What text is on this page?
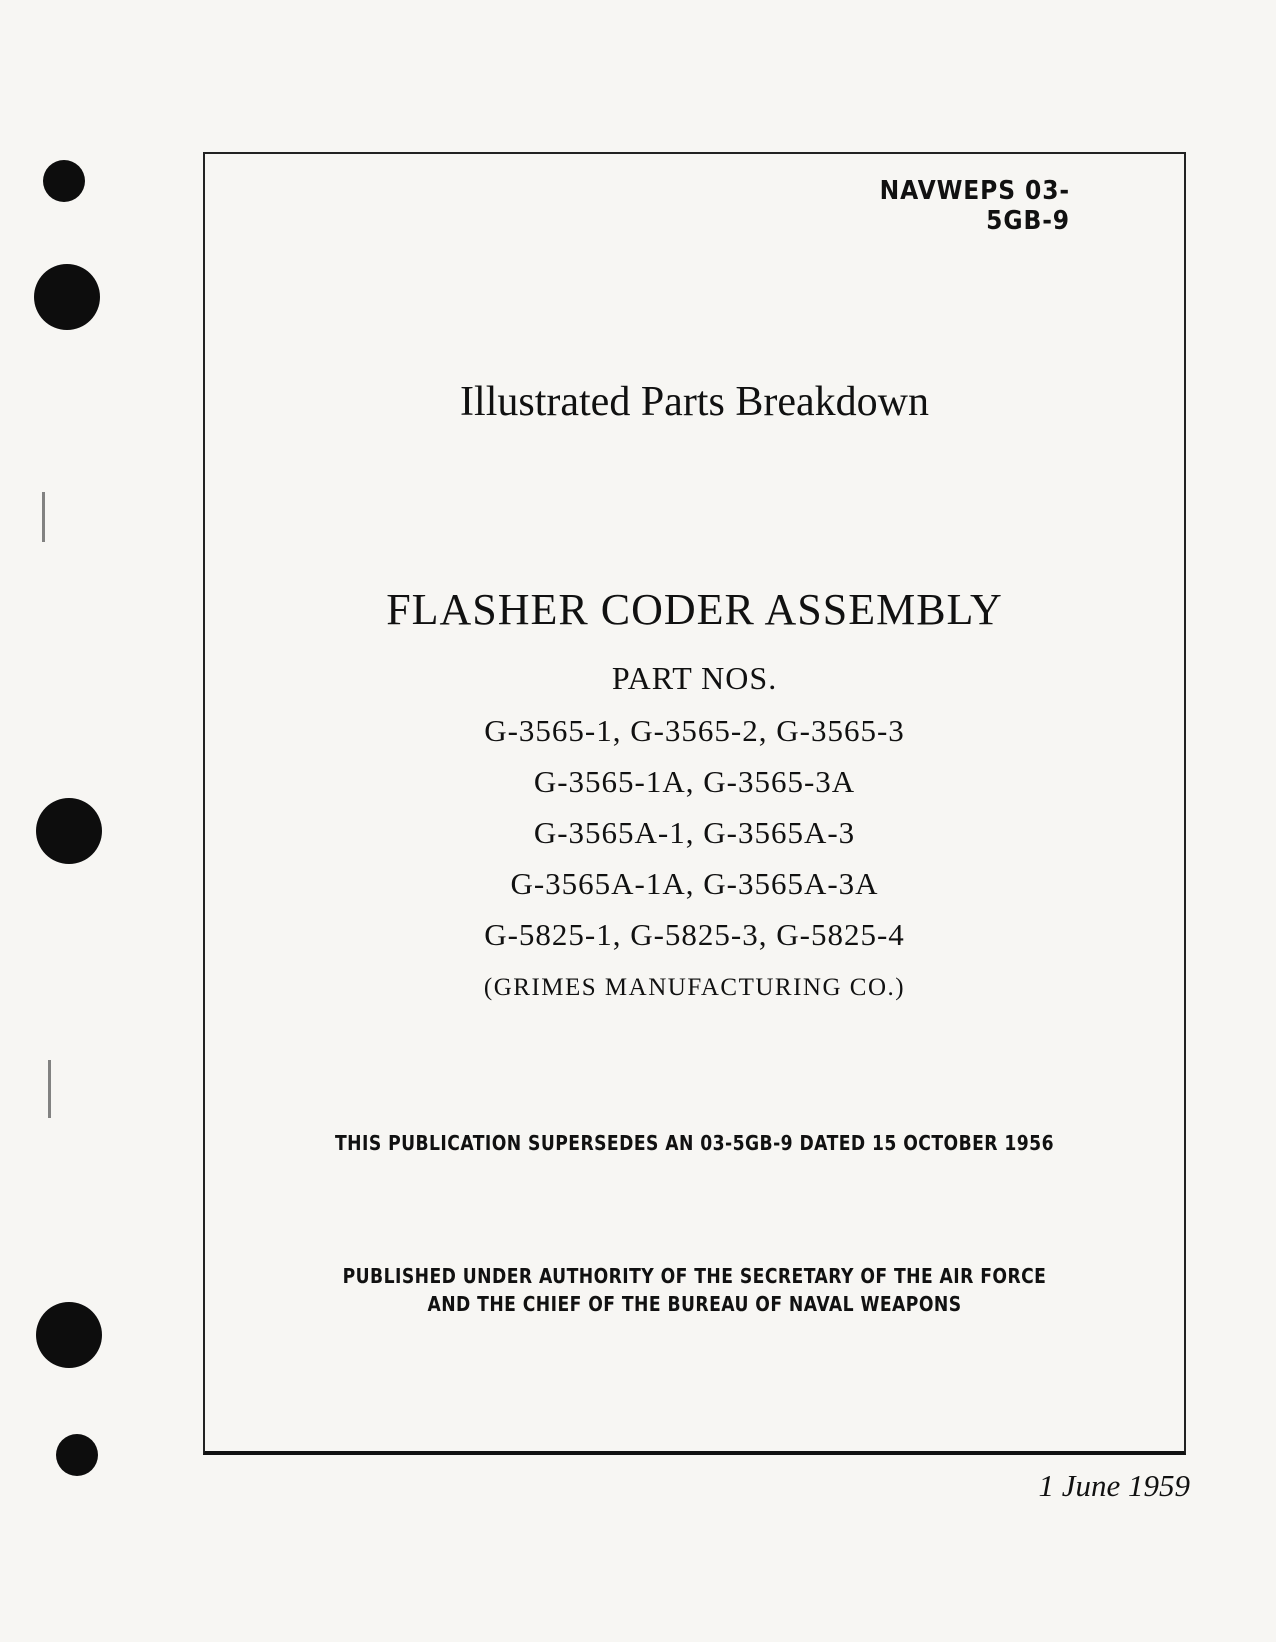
NAVWEPS 03-5GB-9
Illustrated Parts Breakdown
FLASHER CODER ASSEMBLY
PART NOS.
G-3565-1, G-3565-2, G-3565-3
G-3565-1A, G-3565-3A
G-3565A-1, G-3565A-3
G-3565A-1A, G-3565A-3A
G-5825-1, G-5825-3, G-5825-4
(GRIMES MANUFACTURING CO.)
THIS PUBLICATION SUPERSEDES AN 03-5GB-9 DATED 15 OCTOBER 1956
PUBLISHED UNDER AUTHORITY OF THE SECRETARY OF THE AIR FORCE
AND THE CHIEF OF THE BUREAU OF NAVAL WEAPONS
1 June 1959
